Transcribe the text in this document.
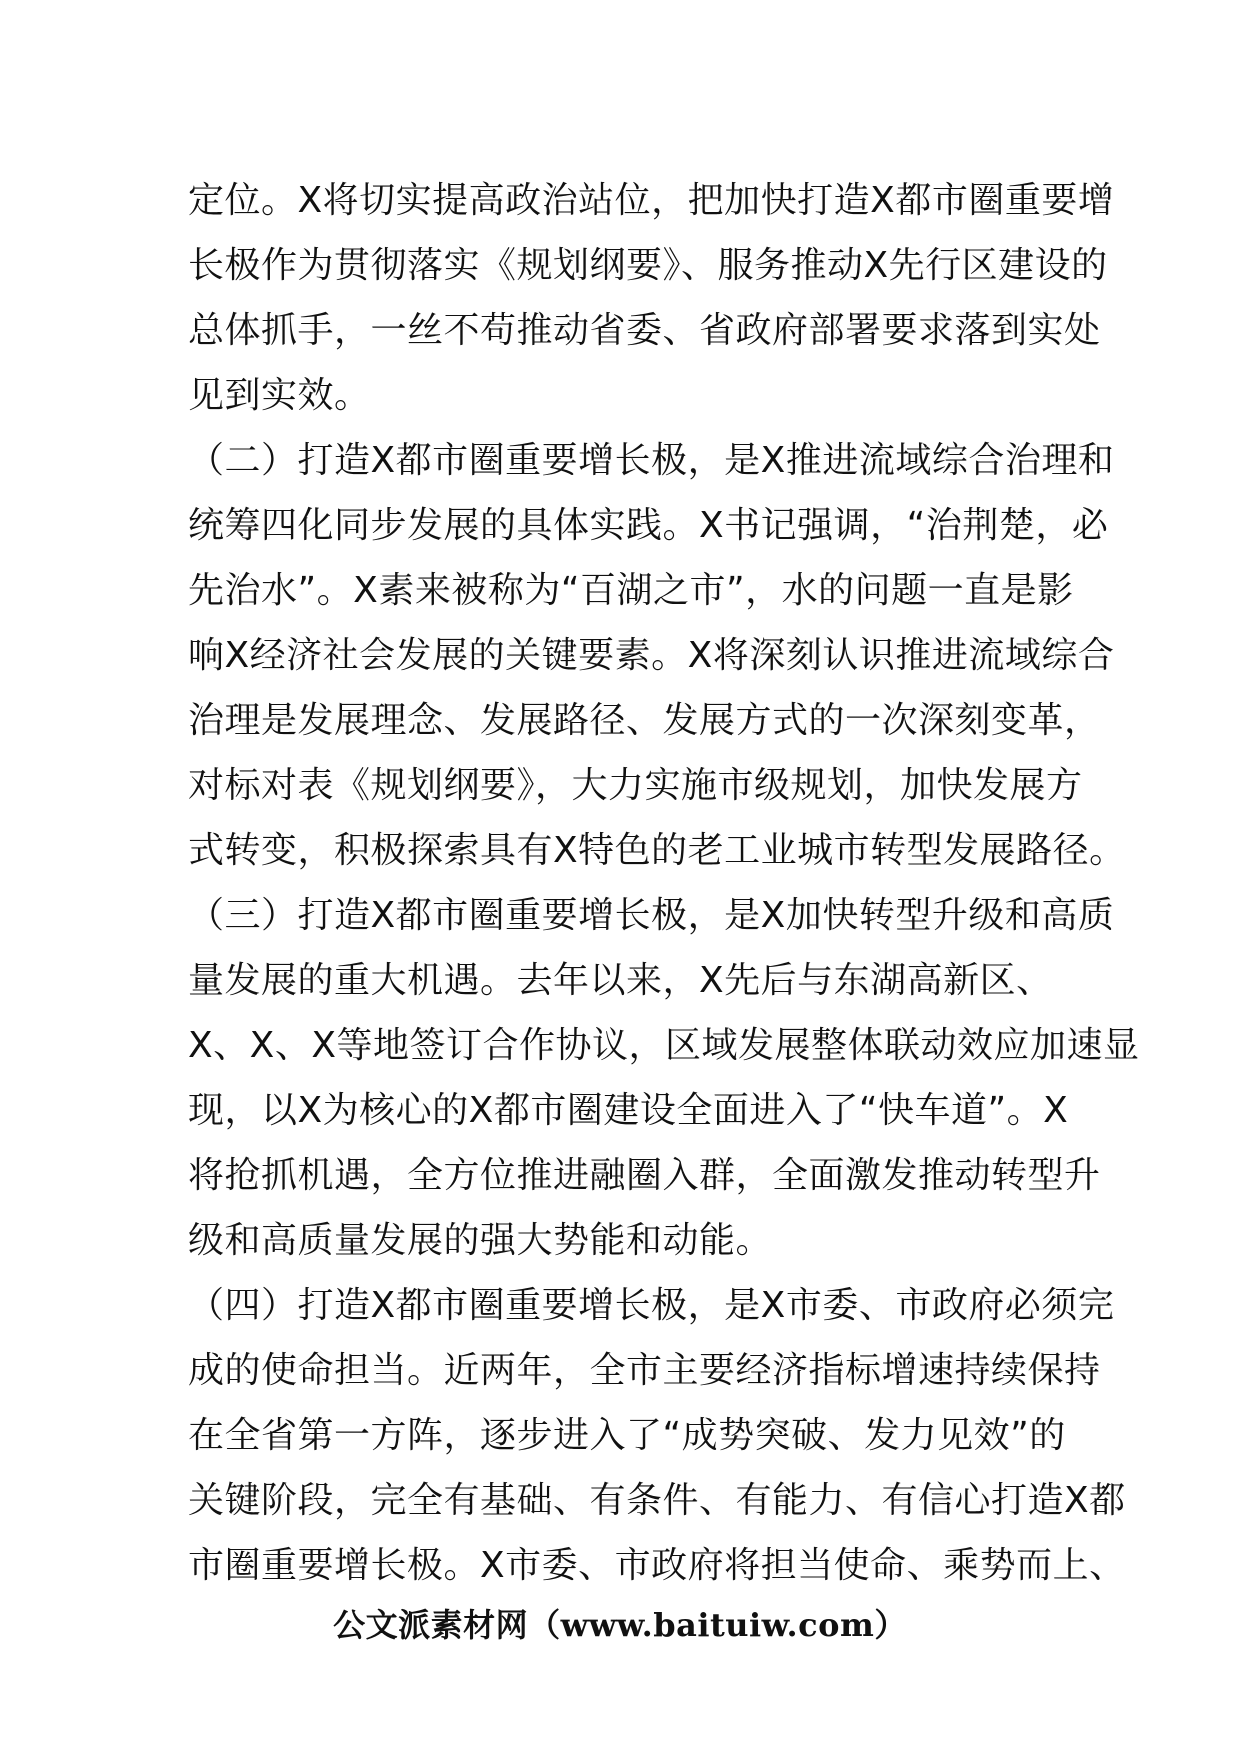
定位。X将切实提高政治站位，把加快打造X都市圈重要增
长极作为贯彻落实《规划纲要》、服务推动X先行区建设的
总体抓手，一丝不苟推动省委、省政府部署要求落到实处
见到实效。
（二）打造X都市圈重要增长极，是X推进流域综合治理和
统筹四化同步发展的具体实践。X书记强调，“治荆楚，必
先治水”。X素来被称为“百湖之市”，水的问题一直是影
响X经济社会发展的关键要素。X将深刻认识推进流域综合
治理是发展理念、发展路径、发展方式的一次深刻变革，
对标对表《规划纲要》，大力实施市级规划，加快发展方
式转变，积极探索具有X特色的老工业城市转型发展路径。
（三）打造X都市圈重要增长极，是X加快转型升级和高质
量发展的重大机遇。去年以来，X先后与东湖高新区、
X、X、X等地签订合作协议，区域发展整体联动效应加速显
现，以X为核心的X都市圈建设全面进入了“快车道”。X
将抢抓机遇，全方位推进融圈入群，全面激发推动转型升
级和高质量发展的强大势能和动能。
（四）打造X都市圈重要增长极，是X市委、市政府必须完
成的使命担当。近两年，全市主要经济指标增速持续保持
在全省第一方阵，逐步进入了“成势突破、发力见效”的
关键阶段，完全有基础、有条件、有能力、有信心打造X都
市圈重要增长极。X市委、市政府将担当使命、乘势而上、
公文派素材网（www.baituiw.com）
